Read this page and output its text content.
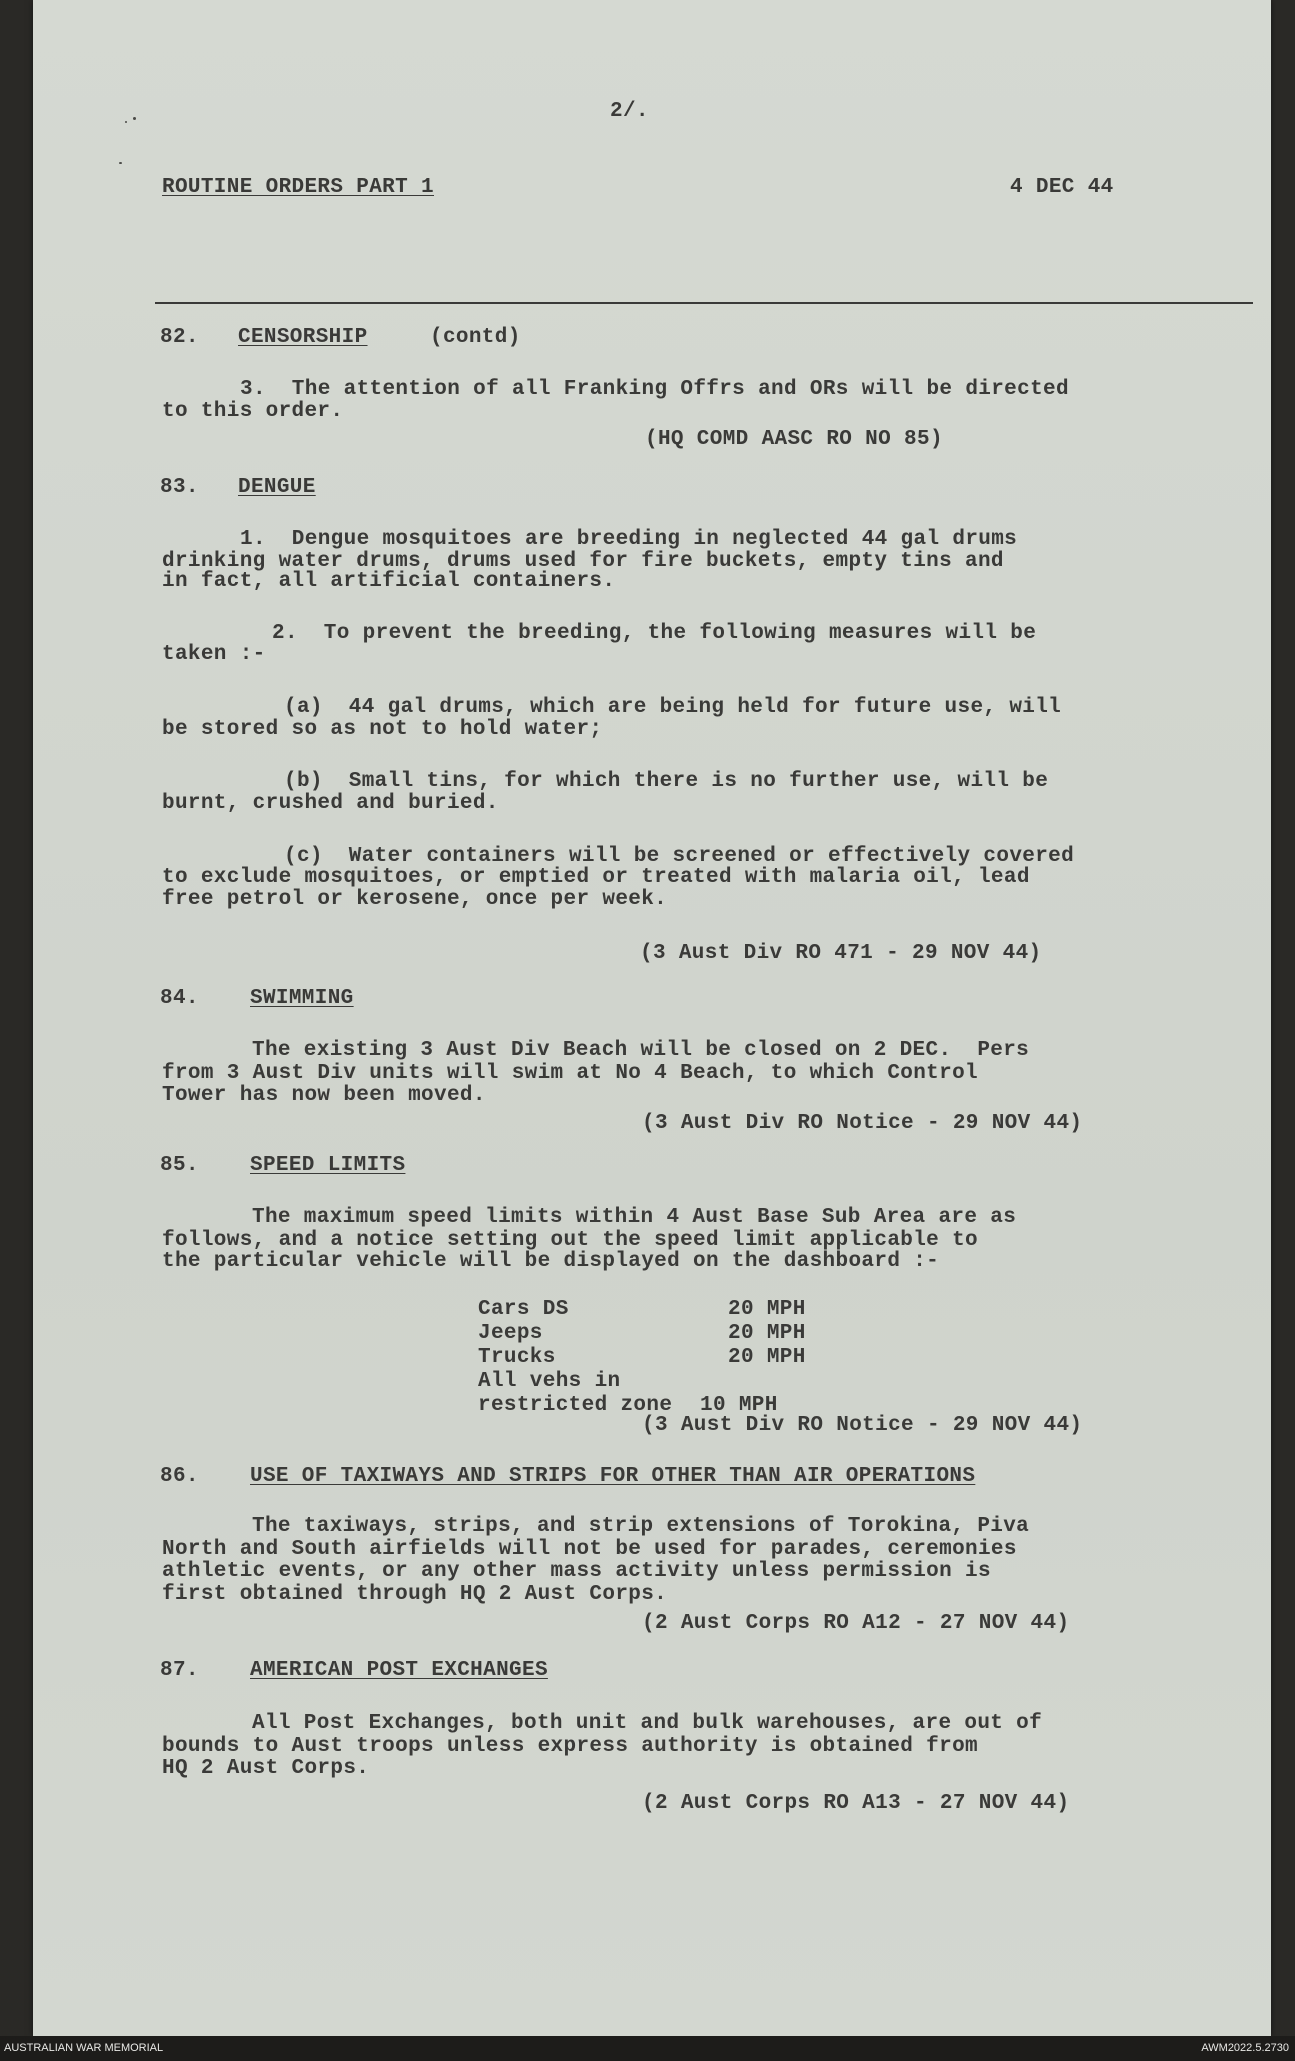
2/.
ROUTINE ORDERS PART 1	4 DEC 44
82. CENSORSHIP	(contd)
3.  The attention of all Franking Offrs and ORs will be directed
to this order.
(HQ COMD AASC RO NO 85)
83. DENGUE
1.  Dengue mosquitoes are breeding in neglected 44 gal drums
drinking water drums, drums used for fire buckets, empty tins and
in fact, all artificial containers.
2.  To prevent the breeding, the following measures will be
taken :-
(a)  44 gal drums, which are being held for future use, will
be stored so as not to hold water;
(b)  Small tins, for which there is no further use, will be
burnt, crushed and buried.
(c)  Water containers will be screened or effectively covered
to exclude mosquitoes, or emptied or treated with malaria oil, lead
free petrol or kerosene, once per week.
(3 Aust Div RO 471 - 29 NOV 44)
84. SWIMMING
The existing 3 Aust Div Beach will be closed on 2 DEC.  Pers
from 3 Aust Div units will swim at No 4 Beach, to which Control
Tower has now been moved.
(3 Aust Div RO Notice - 29 NOV 44)
85. SPEED LIMITS
The maximum speed limits within 4 Aust Base Sub Area are as
follows, and a notice setting out the speed limit applicable to
the particular vehicle will be displayed on the dashboard :-
Cars DS	20 MPH
Jeeps	20 MPH
Trucks	20 MPH
All vehs in
restricted zone 10 MPH
(3 Aust Div RO Notice - 29 NOV 44)
86. USE OF TAXIWAYS AND STRIPS FOR OTHER THAN AIR OPERATIONS
The taxiways, strips, and strip extensions of Torokina, Piva
North and South airfields will not be used for parades, ceremonies
athletic events, or any other mass activity unless permission is
first obtained through HQ 2 Aust Corps.
(2 Aust Corps RO A12 - 27 NOV 44)
87. AMERICAN POST EXCHANGES
All Post Exchanges, both unit and bulk warehouses, are out of
bounds to Aust troops unless express authority is obtained from
HQ 2 Aust Corps.
(2 Aust Corps RO A13 - 27 NOV 44)
AUSTRALIAN WAR MEMORIAL	AWM2022.5.2730
